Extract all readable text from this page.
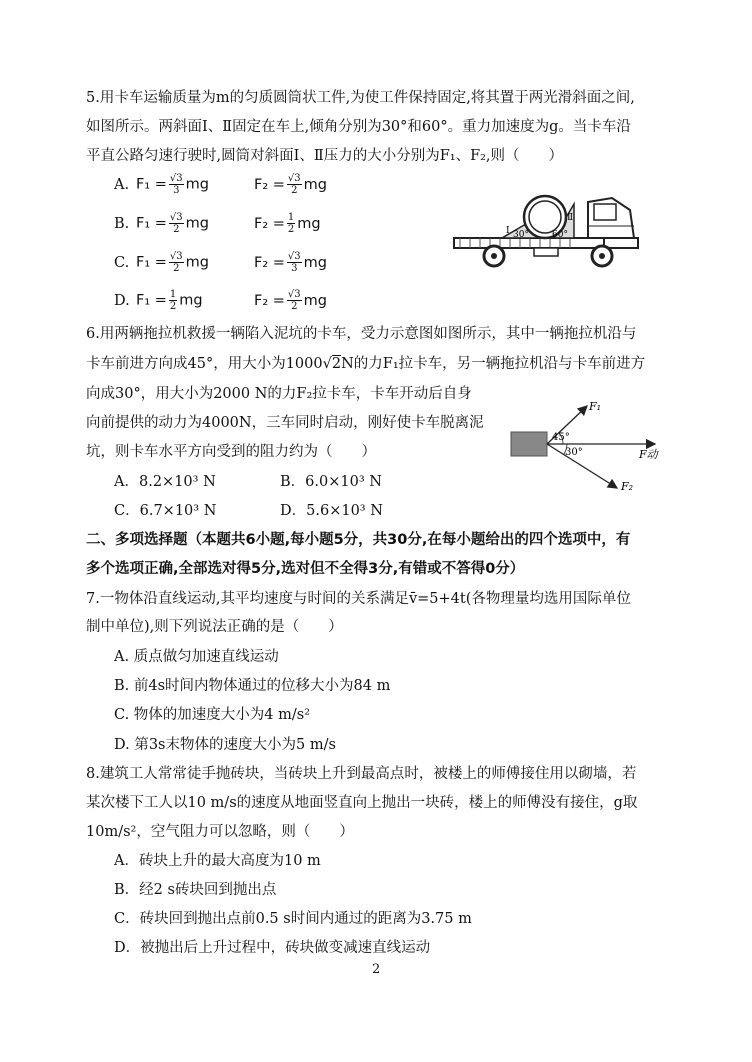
5.用卡车运输质量为m的匀质圆筒状工件,为使工件保持固定,将其置于两光滑斜面之间,
如图所示。两斜面Ⅰ、Ⅱ固定在车上,倾角分别为30°和60°。重力加速度为g。当卡车沿
平直公路匀速行驶时,圆筒对斜面Ⅰ、Ⅱ压力的大小分别为F₁、F₂,则（　　）
A. $F_1 = \frac{√3}{3}$ mg	$F_2 = \frac{√3}{2}$ mg
B. $F_1 = \frac{√3}{2}$ mg	$F_2 = \frac{1}{2}$ mg
C. $F_1 = \frac{√3}{2}$ mg	$F_2 = \frac{√3}{3}$ mg
D. $F_1 = \frac{1}{2}$ mg	$F_2 = \frac{√3}{2}$ mg
Ⅰ 30°
Ⅱ
60°
6.用两辆拖拉机救援一辆陷入泥坑的卡车，受力示意图如图所示，其中一辆拖拉机沿与
卡车前进方向成45°，用大小为1000√2N的力F₁拉卡车，另一辆拖拉机沿与卡车前进方
向成30°，用大小为2000 N的力F₂拉卡车，卡车开动后自身
向前提供的动力为4000N，三车同时启动，刚好使卡车脱离泥
坑，则卡车水平方向受到的阻力约为（　　）
A．8.2×10³ N	B．6.0×10³ N
C．6.7×10³ N	D．5.6×10³ N
45°
30°
F₁
F₂
F动
二、多项选择题（本题共6小题,每小题5分，共30分,在每小题给出的四个选项中，有
多个选项正确,全部选对得5分,选对但不全得3分,有错或不答得0分）
7.一物体沿直线运动,其平均速度与时间的关系满足v̄=5+4t(各物理量均选用国际单位
制中单位),则下列说法正确的是（　　）
A. 质点做匀加速直线运动
B. 前4s时间内物体通过的位移大小为84 m
C. 物体的加速度大小为4 m/s²
D. 第3s末物体的速度大小为5 m/s
8.建筑工人常常徒手抛砖块，当砖块上升到最高点时，被楼上的师傅接住用以砌墙，若
某次楼下工人以10 m/s的速度从地面竖直向上抛出一块砖，楼上的师傅没有接住，g取
10m/s²，空气阻力可以忽略，则（　　）
A．砖块上升的最大高度为10 m
B．经2 s砖块回到抛出点
C．砖块回到抛出点前0.5 s时间内通过的距离为3.75 m
D．被抛出后上升过程中，砖块做变减速直线运动
2
